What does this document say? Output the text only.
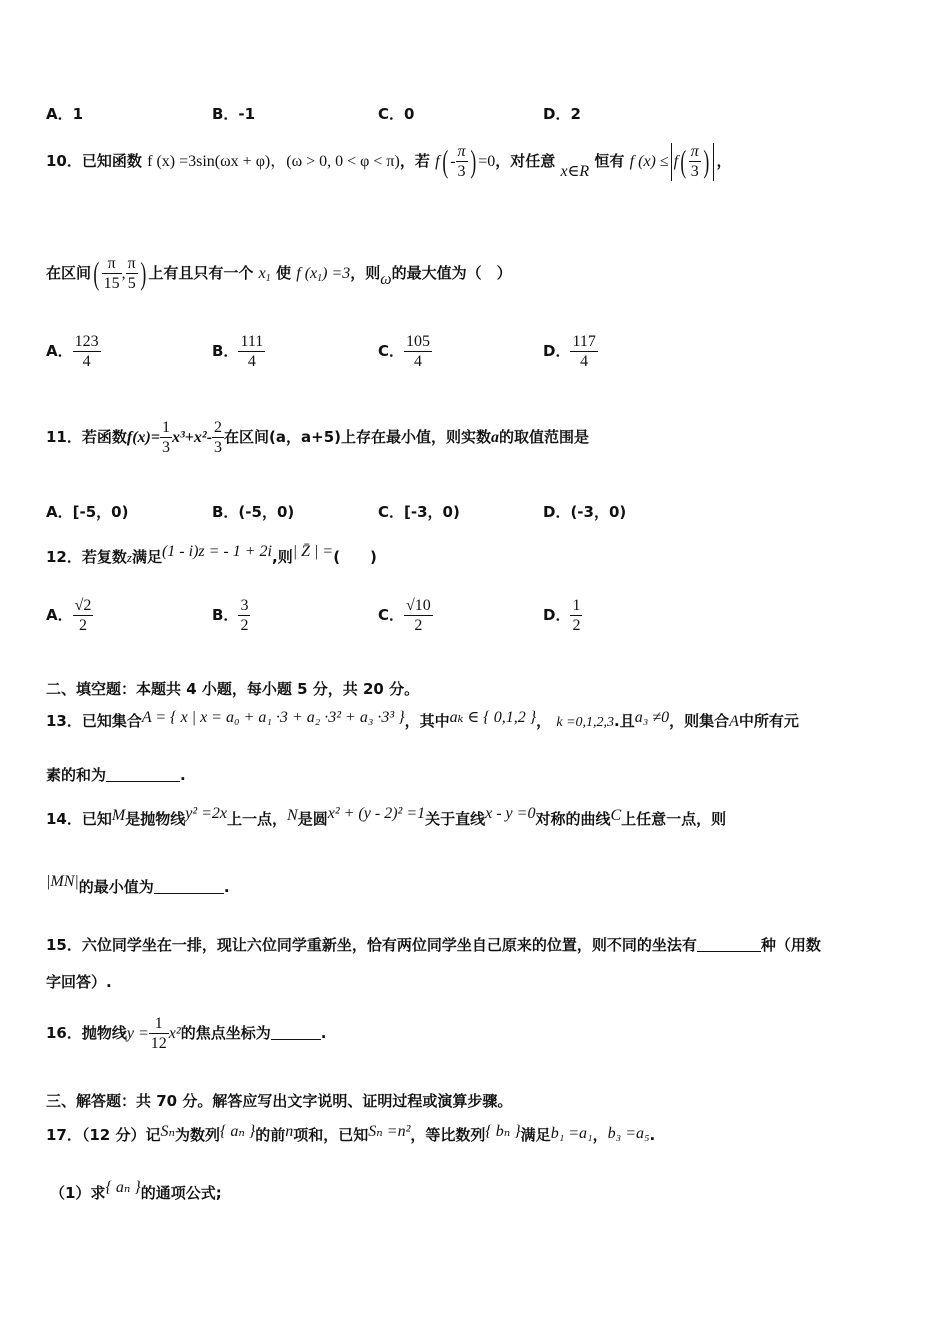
A．1	B．-1	C．0	D．2
10．已知函数 f (x) =3sin(ωx + φ)，(ω > 0, 0 < φ < π)，若 $f( - \frac{\pi}{3}$ ) =0，对任意 x∈R 恒有 f $(x) \le f( \frac{\pi}{3}$ ) ，
在区间( $\frac{\pi}{15}$ , $\frac{\pi}{5}$ ) 上有且只有一个 $x_1$ 使 f $(x_1) =3$，则ω的最大值为（　）
A． $\frac{123}{4}$	B． $\frac{111}{4}$	C． $\frac{105}{4}$	D． $\frac{117}{4}$
11．若函数$f(x)= \frac{1}{3} x^3+x^2- \frac{2}{3}$ 在区间(a，a+5)上存在最小值，则实数a的取值范围是
A．[-5，0)	B．(-5，0)	C．[-3，0)	D．(-3，0)
12．若复数z满足(1 - i)z = - 1 + 2i,则| Z̄ | =(　　)
A． $\frac{√2}{2}$	B． $\frac{3}{2}$	C． $\frac{√10}{2}$	D． $\frac{1}{2}$
二、填空题：本题共 4 小题，每小题 5 分，共 20 分。
13．已知集合A = { x | x = a₀ + a₁ ·3 + a₂ ·3² + a₃ ·3³ }，其中aₖ ∈ { 0,1,2 }， k =0,1,2,3.且a₃ ≠0，则集合A中所有元
素的和为	.
14．已知M是抛物线y² =2x上一点，N是圆x² + (y - 2)² =1关于直线x - y =0对称的曲线C上任意一点，则
|MN|的最小值为	.
15．六位同学坐在一排，现让六位同学重新坐，恰有两位同学坐自己原来的位置，则不同的坐法有	种（用数
字回答）.
16．抛物线$y = \frac{1}{12} x^2$的焦点坐标为	.
三、解答题：共 70 分。解答应写出文字说明、证明过程或演算步骤。
17．（12 分）记Sₙ为数列{ aₙ }的前n项和，已知Sₙ =n²，等比数列{ bₙ }满足b₁ =a₁，b₃ =a₅.
（1）求{ aₙ }的通项公式;
